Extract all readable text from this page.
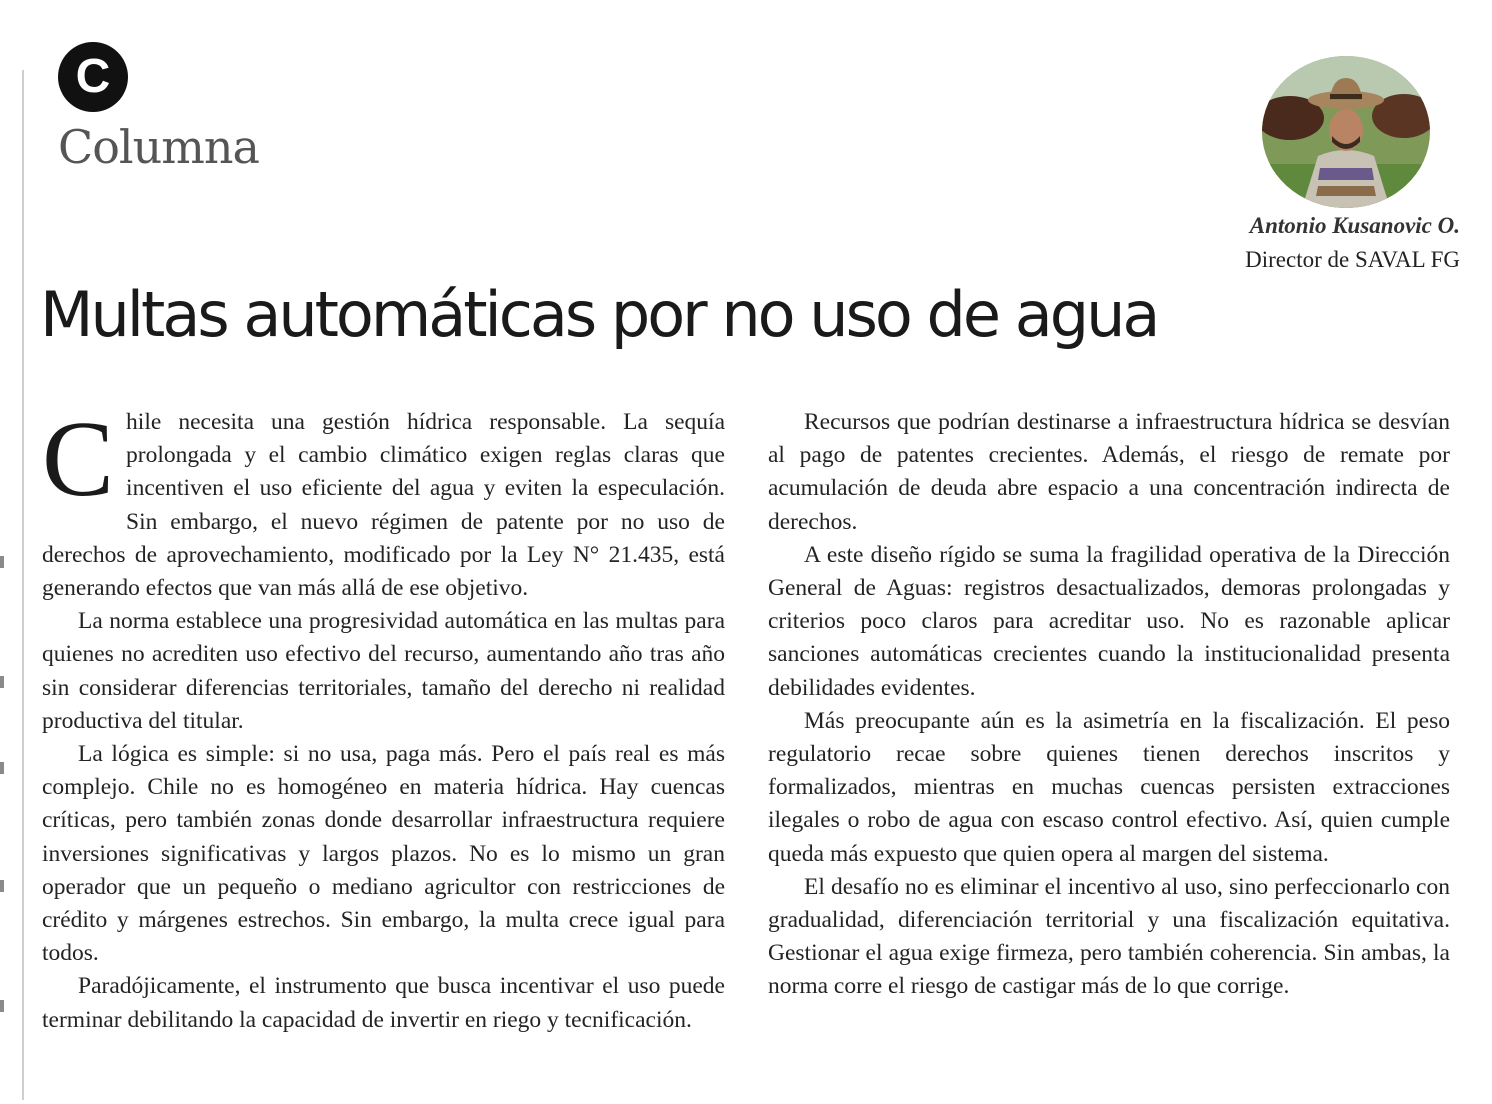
C
Columna
Antonio Kusanovic O.
Director de SAVAL FG
Multas automáticas por no uso de agua

Chile necesita una gestión hídrica responsable. La sequía prolongada y el cambio climático exigen reglas claras que incentiven el uso eficiente del agua y eviten la especulación. Sin embargo, el nuevo régimen de patente por no uso de derechos de aprovechamiento, modificado por la Ley N° 21.435, está generando efectos que van más allá de ese objetivo.

La norma establece una progresividad automática en las multas para quienes no acrediten uso efectivo del recurso, aumentando año tras año sin considerar diferencias territoriales, tamaño del derecho ni realidad productiva del titular.

La lógica es simple: si no usa, paga más. Pero el país real es más complejo. Chile no es homogéneo en materia hídrica. Hay cuencas críticas, pero también zonas donde desarrollar infraestructura requiere inversiones significativas y largos plazos. No es lo mismo un gran operador que un pequeño o mediano agricultor con restricciones de crédito y márgenes estrechos. Sin embargo, la multa crece igual para todos.

Paradójicamente, el instrumento que busca incentivar el uso puede terminar debilitando la capacidad de invertir en riego y tecnificación.

Recursos que podrían destinarse a infraestructura hídrica se desvían al pago de patentes crecientes. Además, el riesgo de remate por acumulación de deuda abre espacio a una concentración indirecta de derechos.

A este diseño rígido se suma la fragilidad operativa de la Dirección General de Aguas: registros desactualizados, demoras prolongadas y criterios poco claros para acreditar uso. No es razonable aplicar sanciones automáticas crecientes cuando la institucionalidad presenta debilidades evidentes.

Más preocupante aún es la asimetría en la fiscalización. El peso regulatorio recae sobre quienes tienen derechos inscritos y formalizados, mientras en muchas cuencas persisten extracciones ilegales o robo de agua con escaso control efectivo. Así, quien cumple queda más expuesto que quien opera al margen del sistema.

El desafío no es eliminar el incentivo al uso, sino perfeccionarlo con gradualidad, diferenciación territorial y una fiscalización equitativa. Gestionar el agua exige firmeza, pero también coherencia. Sin ambas, la norma corre el riesgo de castigar más de lo que corrige.
